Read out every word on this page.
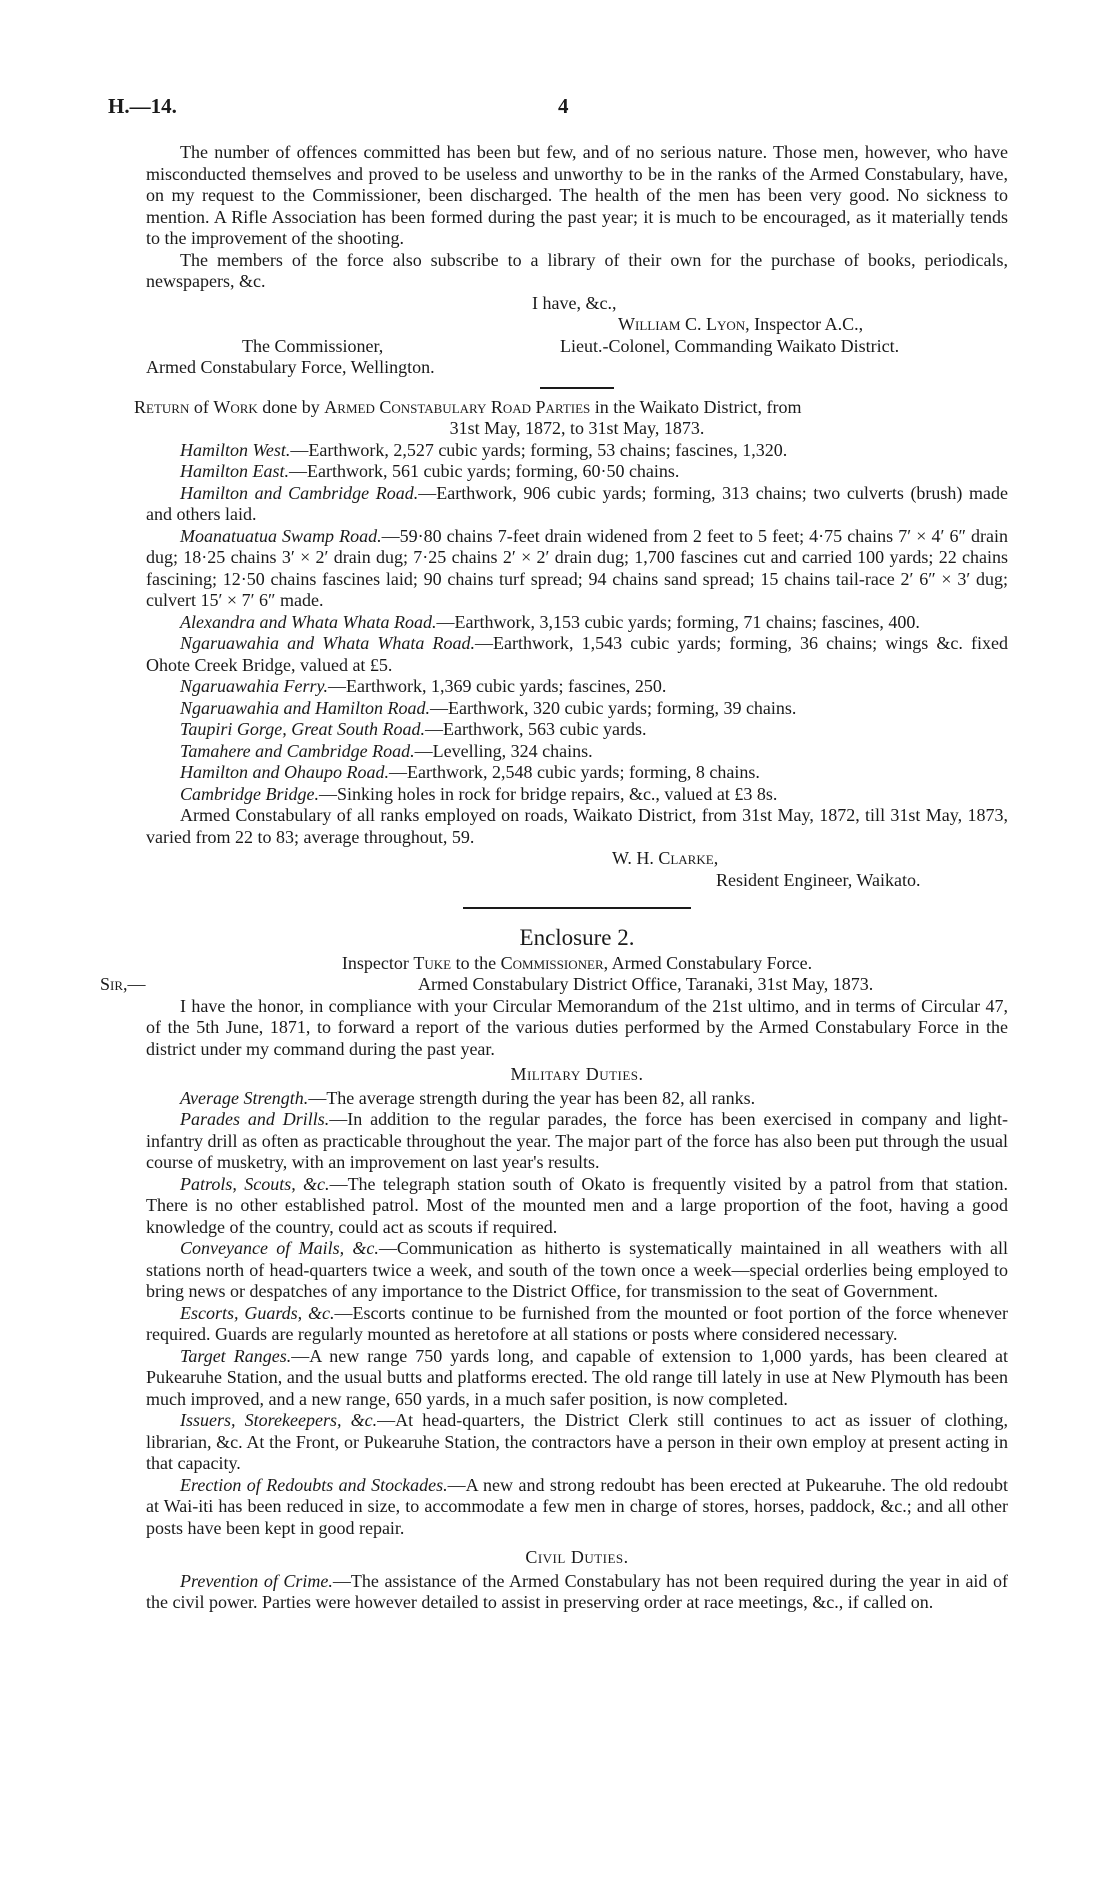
H.—14.	4

The number of offences committed has been but few, and of no serious nature. Those men, however, who have misconducted themselves and proved to be useless and unworthy to be in the ranks of the Armed Constabulary, have, on my request to the Commissioner, been discharged. The health of the men has been very good. No sickness to mention. A Rifle Association has been formed during the past year; it is much to be encouraged, as it materially tends to the improvement of the shooting.

The members of the force also subscribe to a library of their own for the purchase of books, periodicals, newspapers, &c.

I have, &c.,
William C. Lyon, Inspector A.C.,
The Commissioner,	Lieut.-Colonel, Commanding Waikato District.
Armed Constabulary Force, Wellington.

Return of Work done by Armed Constabulary Road Parties in the Waikato District, from

31st May, 1872, to 31st May, 1873.

Hamilton West.—Earthwork, 2,527 cubic yards; forming, 53 chains; fascines, 1,320.

Hamilton East.—Earthwork, 561 cubic yards; forming, 60·50 chains.

Hamilton and Cambridge Road.—Earthwork, 906 cubic yards; forming, 313 chains; two culverts (brush) made and others laid.

Moanatuatua Swamp Road.—59·80 chains 7-feet drain widened from 2 feet to 5 feet; 4·75 chains 7′ × 4′ 6″ drain dug; 18·25 chains 3′ × 2′ drain dug; 7·25 chains 2′ × 2′ drain dug; 1,700 fascines cut and carried 100 yards; 22 chains fascining; 12·50 chains fascines laid; 90 chains turf spread; 94 chains sand spread; 15 chains tail-race 2′ 6″ × 3′ dug; culvert 15′ × 7′ 6″ made.

Alexandra and Whata Whata Road.—Earthwork, 3,153 cubic yards; forming, 71 chains; fascines, 400.

Ngaruawahia and Whata Whata Road.—Earthwork, 1,543 cubic yards; forming, 36 chains; wings &c. fixed Ohote Creek Bridge, valued at £5.

Ngaruawahia Ferry.—Earthwork, 1,369 cubic yards; fascines, 250.

Ngaruawahia and Hamilton Road.—Earthwork, 320 cubic yards; forming, 39 chains.

Taupiri Gorge, Great South Road.—Earthwork, 563 cubic yards.

Tamahere and Cambridge Road.—Levelling, 324 chains.

Hamilton and Ohaupo Road.—Earthwork, 2,548 cubic yards; forming, 8 chains.

Cambridge Bridge.—Sinking holes in rock for bridge repairs, &c., valued at £3 8s.

Armed Constabulary of all ranks employed on roads, Waikato District, from 31st May, 1872, till 31st May, 1873, varied from 22 to 83; average throughout, 59.

W. H. Clarke,
Resident Engineer, Waikato.
Enclosure 2.

Inspector Tuke to the Commissioner, Armed Constabulary Force.

Sir,—	Armed Constabulary District Office, Taranaki, 31st May, 1873.

I have the honor, in compliance with your Circular Memorandum of the 21st ultimo, and in terms of Circular 47, of the 5th June, 1871, to forward a report of the various duties performed by the Armed Constabulary Force in the district under my command during the past year.

Military Duties.

Average Strength.—The average strength during the year has been 82, all ranks.

Parades and Drills.—In addition to the regular parades, the force has been exercised in company and light-infantry drill as often as practicable throughout the year. The major part of the force has also been put through the usual course of musketry, with an improvement on last year's results.

Patrols, Scouts, &c.—The telegraph station south of Okato is frequently visited by a patrol from that station. There is no other established patrol. Most of the mounted men and a large proportion of the foot, having a good knowledge of the country, could act as scouts if required.

Conveyance of Mails, &c.—Communication as hitherto is systematically maintained in all weathers with all stations north of head-quarters twice a week, and south of the town once a week—special orderlies being employed to bring news or despatches of any importance to the District Office, for transmission to the seat of Government.

Escorts, Guards, &c.—Escorts continue to be furnished from the mounted or foot portion of the force whenever required. Guards are regularly mounted as heretofore at all stations or posts where considered necessary.

Target Ranges.—A new range 750 yards long, and capable of extension to 1,000 yards, has been cleared at Pukearuhe Station, and the usual butts and platforms erected. The old range till lately in use at New Plymouth has been much improved, and a new range, 650 yards, in a much safer position, is now completed.

Issuers, Storekeepers, &c.—At head-quarters, the District Clerk still continues to act as issuer of clothing, librarian, &c. At the Front, or Pukearuhe Station, the contractors have a person in their own employ at present acting in that capacity.

Erection of Redoubts and Stockades.—A new and strong redoubt has been erected at Pukearuhe. The old redoubt at Wai-iti has been reduced in size, to accommodate a few men in charge of stores, horses, paddock, &c.; and all other posts have been kept in good repair.

Civil Duties.

Prevention of Crime.—The assistance of the Armed Constabulary has not been required during the year in aid of the civil power. Parties were however detailed to assist in preserving order at race meetings, &c., if called on.
